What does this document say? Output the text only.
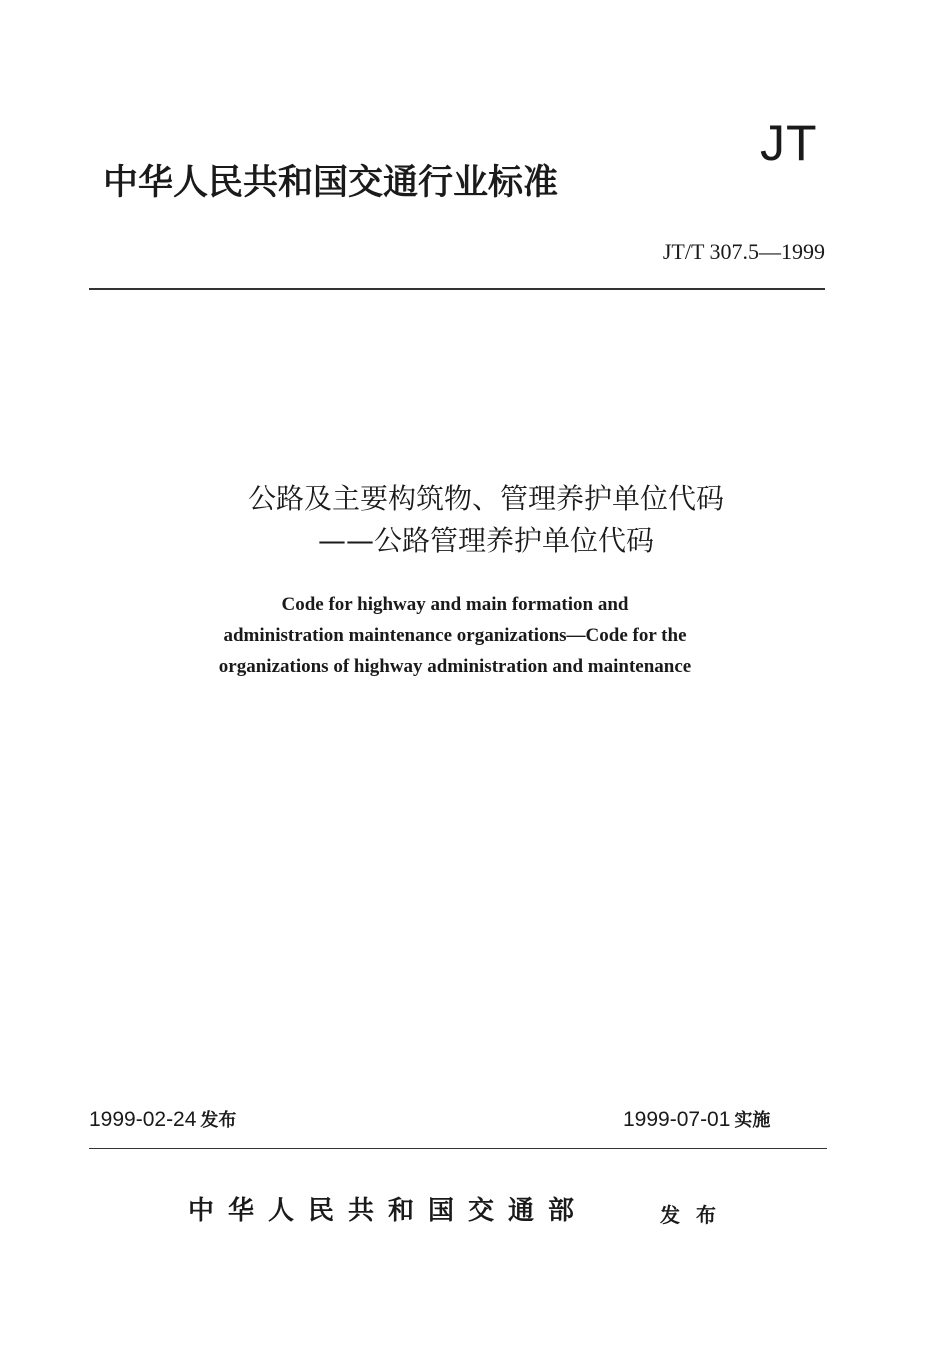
JT
中华人民共和国交通行业标准
JT/T 307.5—1999
公路及主要构筑物、管理养护单位代码
——公路管理养护单位代码
Code for highway and main formation and
administration maintenance organizations—Code for the
organizations of highway administration and maintenance
1999-02-24 发布	1999-07-01 实施
中华人民共和国交通部	发布
